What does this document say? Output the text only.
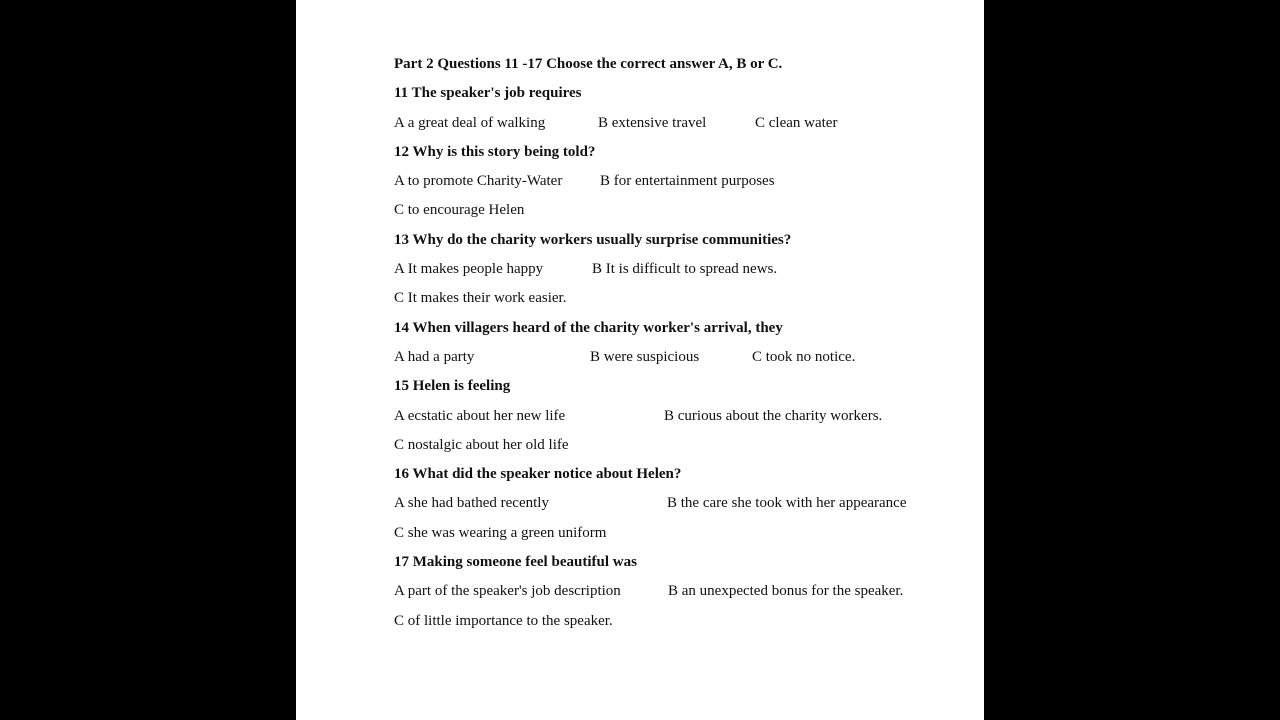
Part 2 Questions 11 -17 Choose the correct answer A, B or C.
11 The speaker's job requires
A a great deal of walking	B extensive travel	C clean water
12 Why is this story being told?
A to promote Charity-Water	B for entertainment purposes
C to encourage Helen
13 Why do the charity workers usually surprise communities?
A It makes people happy	B It is difficult to spread news.
C It makes their work easier.
14 When villagers heard of the charity worker's arrival, they
A had a party	B were suspicious	C took no notice.
15 Helen is feeling
A ecstatic about her new life	B curious about the charity workers.
C nostalgic about her old life
16 What did the speaker notice about Helen?
A she had bathed recently	B the care she took with her appearance
C she was wearing a green uniform
17 Making someone feel beautiful was
A part of the speaker's job description	B an unexpected bonus for the speaker.
C of little importance to the speaker.
